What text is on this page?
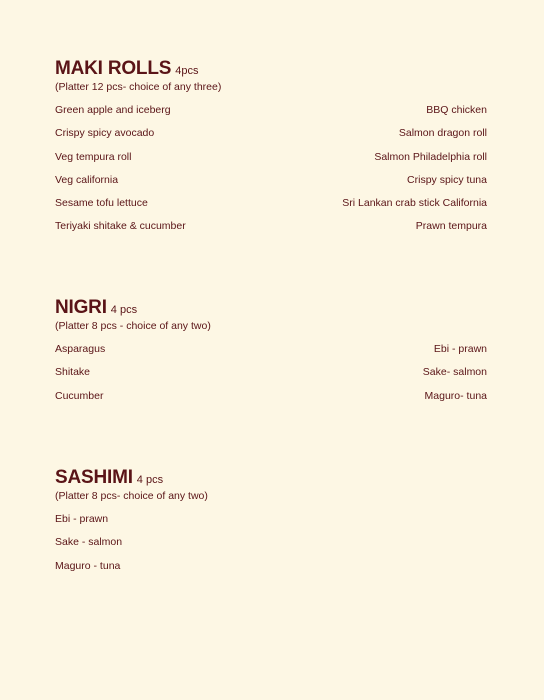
MAKI ROLLS 4pcs
(Platter 12 pcs- choice of any three)
Green apple and iceberg	BBQ chicken
Crispy spicy avocado	Salmon dragon roll
Veg tempura roll	Salmon Philadelphia roll
Veg california	Crispy spicy tuna
Sesame tofu lettuce	Sri Lankan crab stick California
Teriyaki shitake & cucumber	Prawn tempura
NIGRI 4 pcs
(Platter 8 pcs - choice of any two)
Asparagus	Ebi - prawn
Shitake	Sake- salmon
Cucumber	Maguro- tuna
SASHIMI 4 pcs
(Platter 8 pcs- choice of any two)
Ebi - prawn
Sake - salmon
Maguro - tuna
